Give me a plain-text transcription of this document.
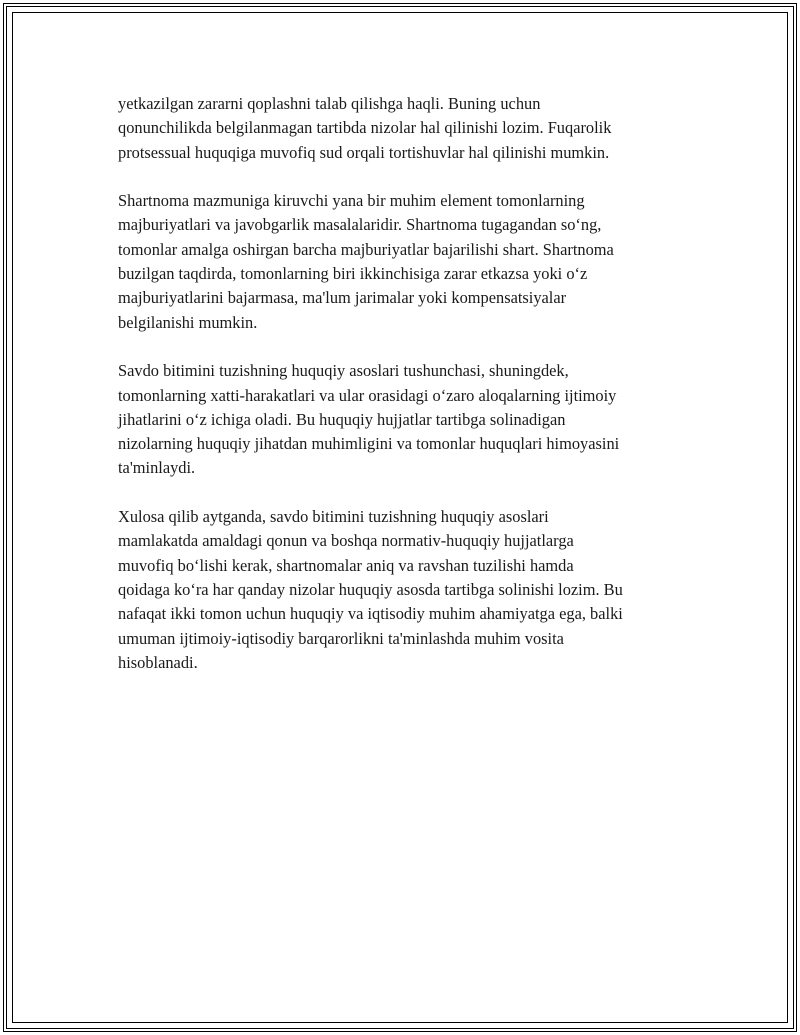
yetkazilgan zararni qoplashni talab qilishga haqli. Buning uchun
qonunchilikda belgilanmagan tartibda nizolar hal qilinishi lozim. Fuqarolik
protsessual huquqiga muvofiq sud orqali tortishuvlar hal qilinishi mumkin.

Shartnoma mazmuniga kiruvchi yana bir muhim element tomonlarning
majburiyatlari va javobgarlik masalalaridir. Shartnoma tugagandan so‘ng,
tomonlar amalga oshirgan barcha majburiyatlar bajarilishi shart. Shartnoma
buzilgan taqdirda, tomonlarning biri ikkinchisiga zarar etkazsa yoki o‘z
majburiyatlarini bajarmasa, ma'lum jarimalar yoki kompensatsiyalar
belgilanishi mumkin.

Savdo bitimini tuzishning huquqiy asoslari tushunchasi, shuningdek,
tomonlarning xatti-harakatlari va ular orasidagi o‘zaro aloqalarning ijtimoiy
jihatlarini o‘z ichiga oladi. Bu huquqiy hujjatlar tartibga solinadigan
nizolarning huquqiy jihatdan muhimligini va tomonlar huquqlari himoyasini
ta'minlaydi.

Xulosa qilib aytganda, savdo bitimini tuzishning huquqiy asoslari
mamlakatda amaldagi qonun va boshqa normativ-huquqiy hujjatlarga
muvofiq bo‘lishi kerak, shartnomalar aniq va ravshan tuzilishi hamda
qoidaga ko‘ra har qanday nizolar huquqiy asosda tartibga solinishi lozim. Bu
nafaqat ikki tomon uchun huquqiy va iqtisodiy muhim ahamiyatga ega, balki
umuman ijtimoiy-iqtisodiy barqarorlikni ta'minlashda muhim vosita
hisoblanadi.
